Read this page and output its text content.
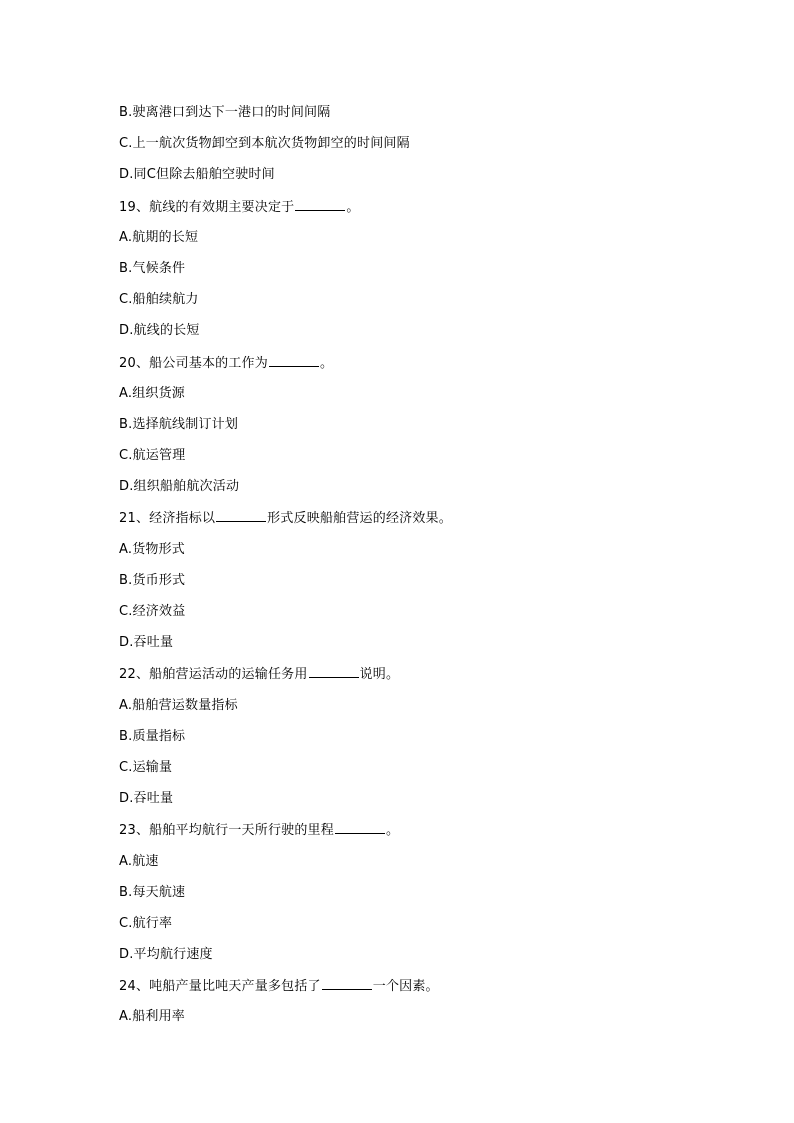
B.驶离港口到达下一港口的时间间隔
C.上一航次货物卸空到本航次货物卸空的时间间隔
D.同C但除去船舶空驶时间
19、航线的有效期主要决定于	。
A.航期的长短
B.气候条件
C.船舶续航力
D.航线的长短
20、船公司基本的工作为	。
A.组织货源
B.选择航线制订计划
C.航运管理
D.组织船舶航次活动
21、经济指标以	形式反映船舶营运的经济效果。
A.货物形式
B.货币形式
C.经济效益
D.吞吐量
22、船舶营运活动的运输任务用	说明。
A.船舶营运数量指标
B.质量指标
C.运输量
D.吞吐量
23、船舶平均航行一天所行驶的里程	。
A.航速
B.每天航速
C.航行率
D.平均航行速度
24、吨船产量比吨天产量多包括了	一个因素。
A.船利用率
